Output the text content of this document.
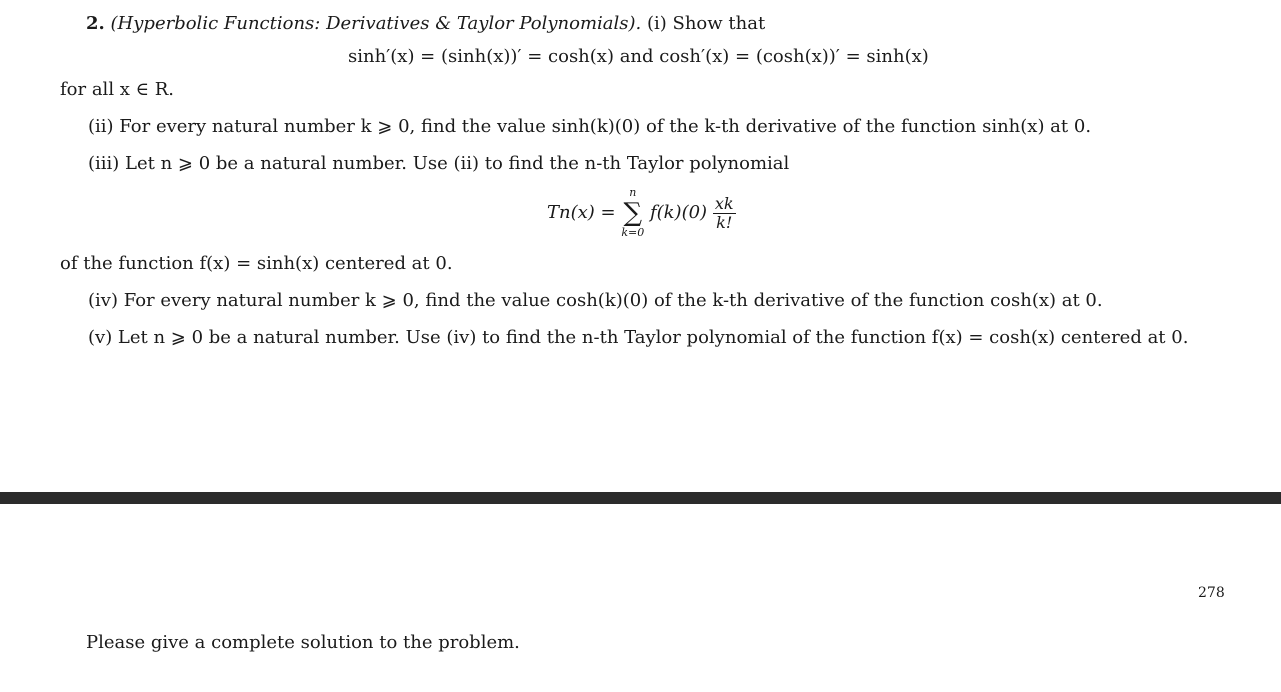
2. (Hyperbolic Functions: Derivatives & Taylor Polynomials). (i) Show that
sinh′(x) = (sinh(x))′ = cosh(x) and cosh′(x) = (cosh(x))′ = sinh(x)
for all x ∈ R.
(ii) For every natural number k ⩾ 0, find the value sinh(k)(0) of the k-th derivative of the function sinh(x) at 0.
(iii) Let n ⩾ 0 be a natural number. Use (ii) to find the n-th Taylor polynomial
Tn(x) =
n
∑
k=0
$f(k)(0) \frac{xk}{k!}$
of the function f(x) = sinh(x) centered at 0.
(iv) For every natural number k ⩾ 0, find the value cosh(k)(0) of the k-th derivative of the function cosh(x) at 0.
(v) Let n ⩾ 0 be a natural number. Use (iv) to find the n-th Taylor polynomial of the function f(x) = cosh(x) centered at 0.
278
Please give a complete solution to the problem.
